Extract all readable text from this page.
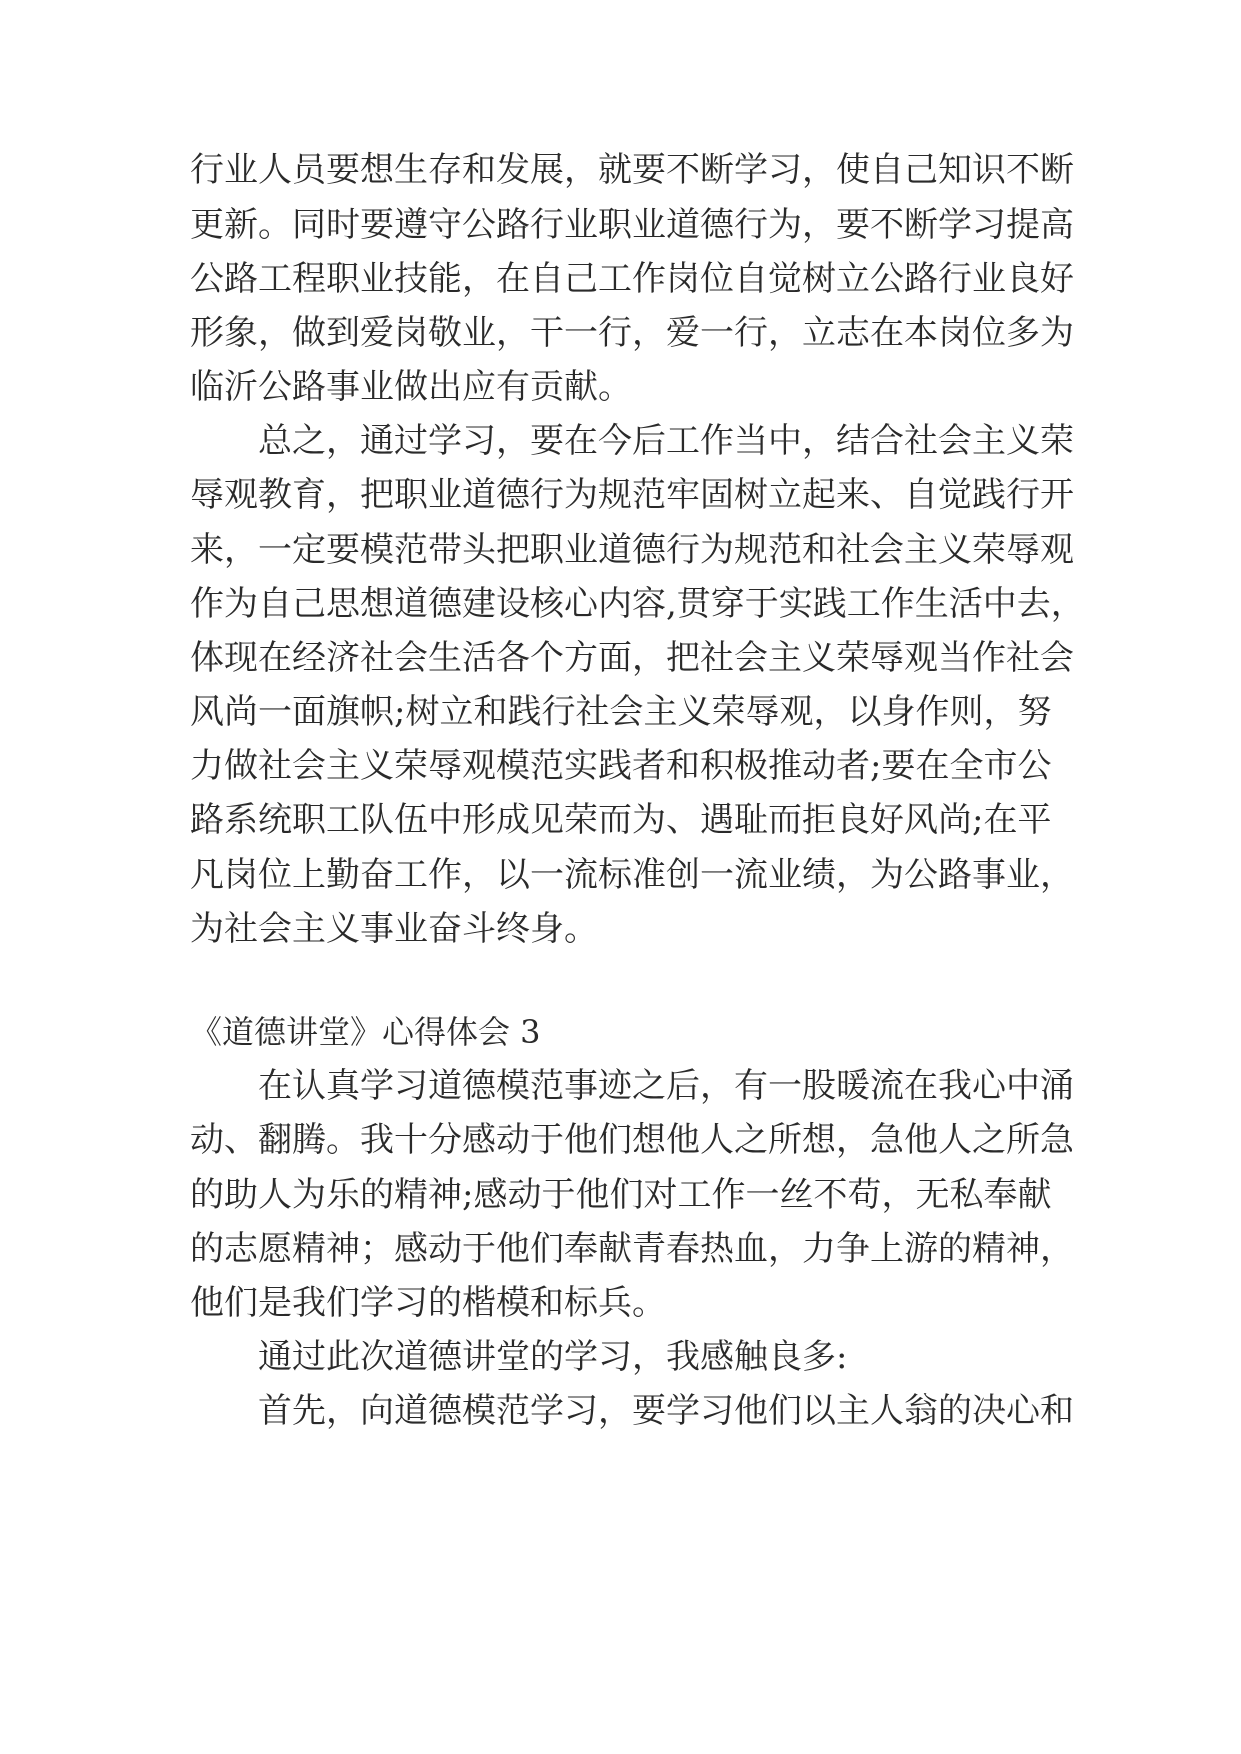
行业人员要想生存和发展，就要不断学习，使自己知识不断
更新。同时要遵守公路行业职业道德行为，要不断学习提高
公路工程职业技能，在自己工作岗位自觉树立公路行业良好
形象，做到爱岗敬业，干一行，爱一行，立志在本岗位多为
临沂公路事业做出应有贡献。
总之，通过学习，要在今后工作当中，结合社会主义荣
辱观教育，把职业道德行为规范牢固树立起来、自觉践行开
来，一定要模范带头把职业道德行为规范和社会主义荣辱观
作为自己思想道德建设核心内容,贯穿于实践工作生活中去，
体现在经济社会生活各个方面，把社会主义荣辱观当作社会
风尚一面旗帜;树立和践行社会主义荣辱观，以身作则，努
力做社会主义荣辱观模范实践者和积极推动者;要在全市公
路系统职工队伍中形成见荣而为、遇耻而拒良好风尚;在平
凡岗位上勤奋工作，以一流标准创一流业绩，为公路事业，
为社会主义事业奋斗终身。
《道德讲堂》心得体会 3
在认真学习道德模范事迹之后，有一股暖流在我心中涌
动、翻腾。我十分感动于他们想他人之所想，急他人之所急
的助人为乐的精神;感动于他们对工作一丝不苟，无私奉献
的志愿精神；感动于他们奉献青春热血，力争上游的精神，
他们是我们学习的楷模和标兵。
通过此次道德讲堂的学习，我感触良多:
首先，向道德模范学习，要学习他们以主人翁的决心和
